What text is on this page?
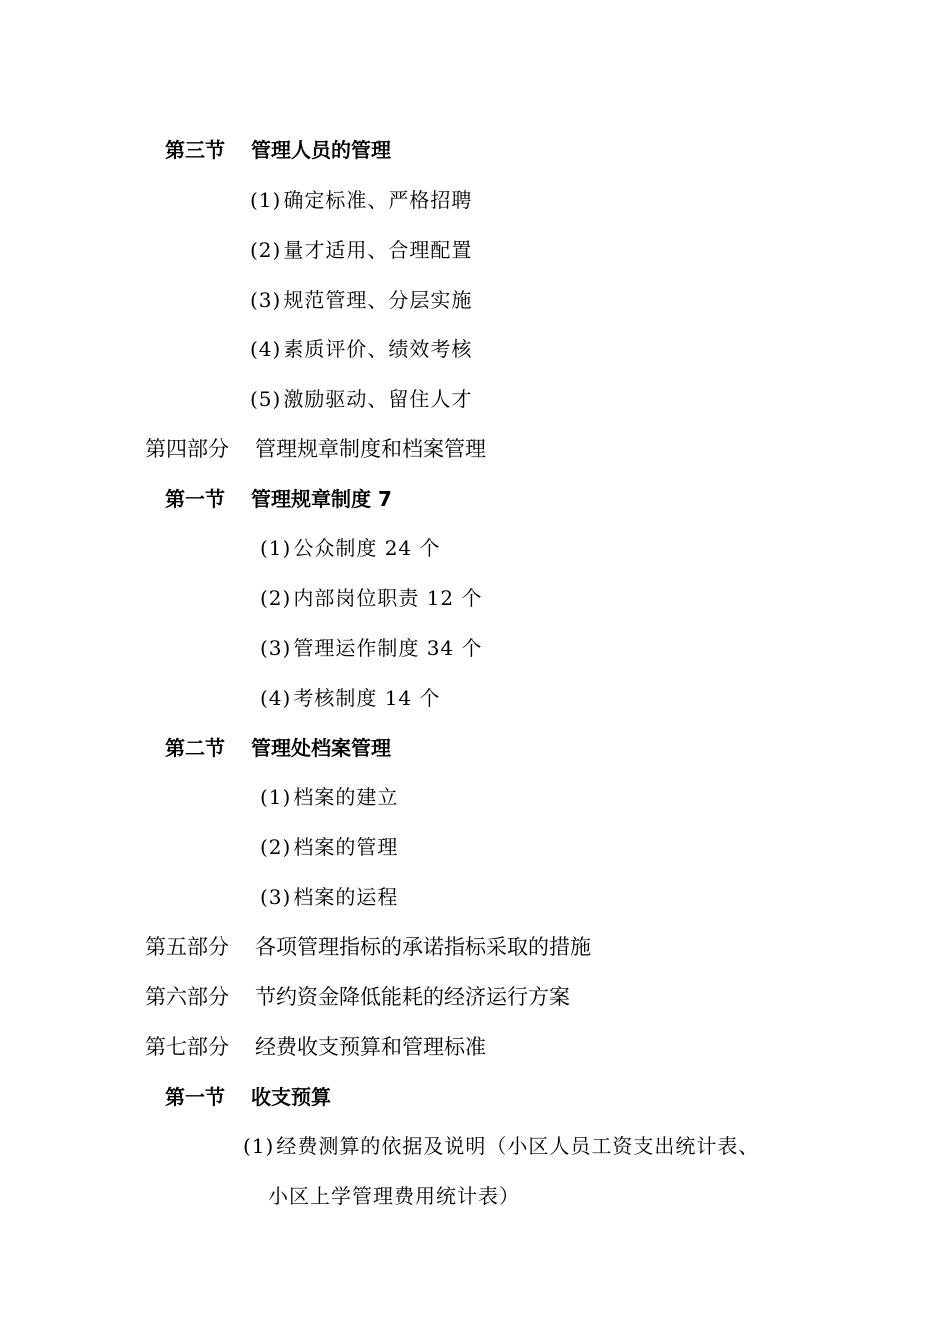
第三节 管理人员的管理
(1) 确定标准、严格招聘
(2) 量才适用、合理配置
(3) 规范管理、分层实施
(4) 素质评价、绩效考核
(5) 激励驱动、留住人才
第四部分 管理规章制度和档案管理
第一节 管理规章制度 7
(1) 公众制度 24 个
(2) 内部岗位职责 12 个
(3) 管理运作制度 34 个
(4) 考核制度 14 个
第二节 管理处档案管理
(1) 档案的建立
(2) 档案的管理
(3) 档案的运程
第五部分 各项管理指标的承诺指标采取的措施
第六部分 节约资金降低能耗的经济运行方案
第七部分 经费收支预算和管理标准
第一节 收支预算
(1) 经费测算的依据及说明（小区人员工资支出统计表、
小区上学管理费用统计表）
